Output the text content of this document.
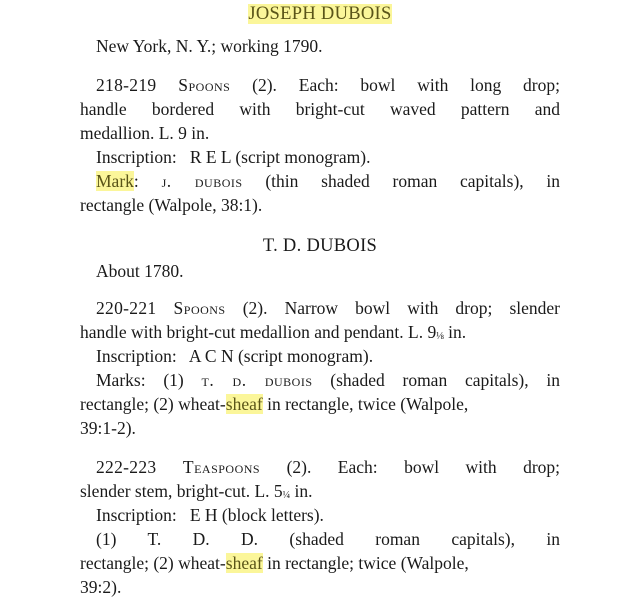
JOSEPH DUBOIS
New York, N. Y.; working 1790.
218-219 Spoons (2). Each: bowl with long drop;
handle bordered with bright-cut waved pattern and
medallion. L. 9 in.
Inscription: R E L (script monogram).
Mark: j. dubois (thin shaded roman capitals), in
rectangle (Walpole, 38:1).
T. D. DUBOIS
About 1780.
220-221 Spoons (2). Narrow bowl with drop; slender
handle with bright-cut medallion and pendant. L. 9⅛ in.
Inscription: A C N (script monogram).
Marks: (1) t. d. dubois (shaded roman capitals), in
rectangle; (2) wheat-sheaf in rectangle, twice (Walpole,
39:1-2).
222-223 Teaspoons (2). Each: bowl with drop;
slender stem, bright-cut. L. 5¼ in.
Inscription: E H (block letters).
(1) T. D. D. (shaded roman capitals), in
rectangle; (2) wheat-sheaf in rectangle; twice (Walpole,
39:2).
